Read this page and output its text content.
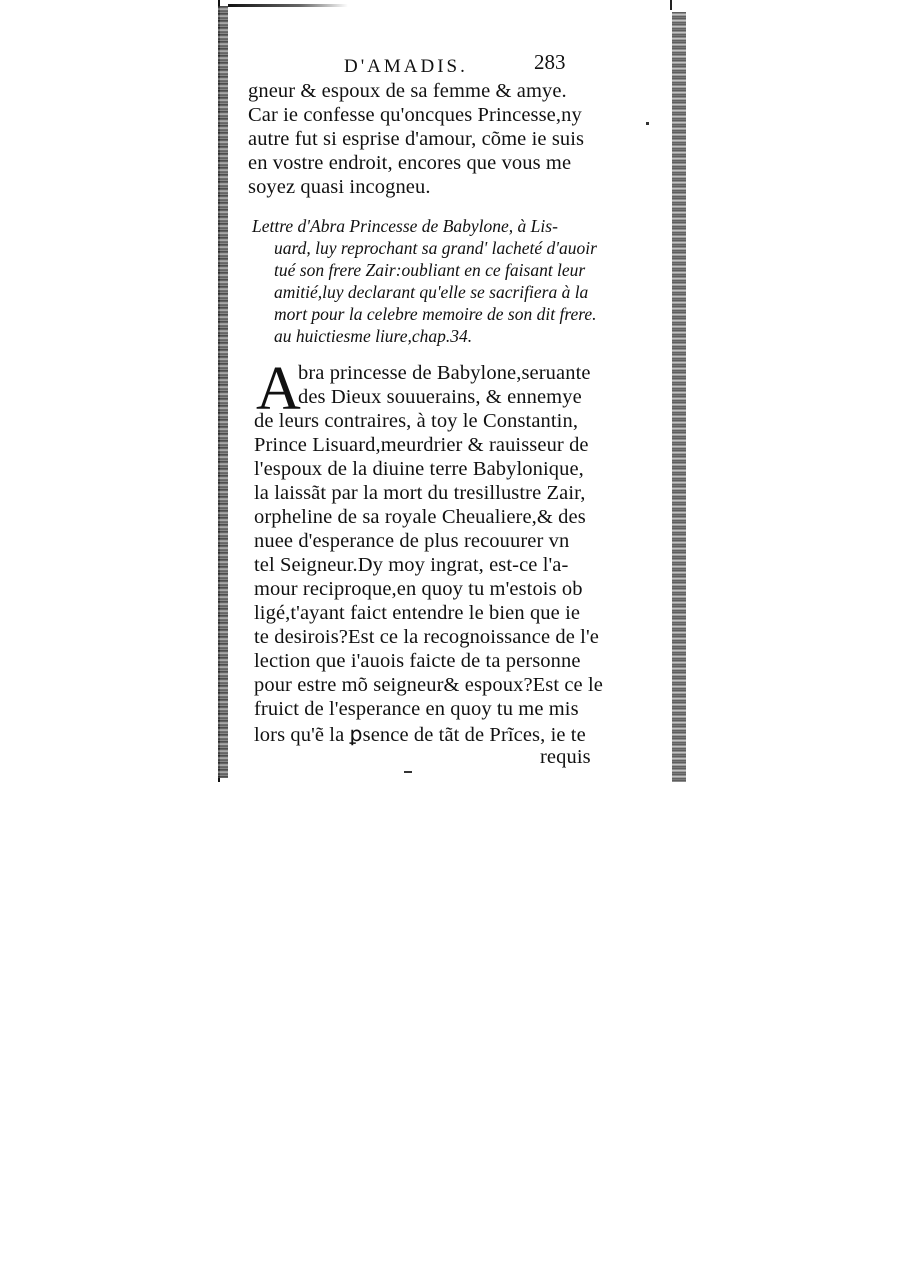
D'AMADIS.	283
gneur & espoux de sa femme & amye.
Car ie confesse qu'oncques Princesse,ny
autre fut si esprise d'amour, cõme ie suis
en vostre endroit, encores que vous me
soyez quasi incogneu.
Lettre d'Abra Princesse de Babylone, à Lis-
uard, luy reprochant sa grand' lacheté d'auoir
tué son frere Zair:oubliant en ce faisant leur
amitié,luy declarant qu'elle se sacrifiera à la
mort pour la celebre memoire de son dit frere.
au huictiesme liure,chap.34.
A
bra princesse de Babylone,seruante
des Dieux souuerains, & ennemye
de leurs contraires, à toy le Constantin,
Prince Lisuard,meurdrier & rauisseur de
l'espoux de la diuine terre Babylonique,
la laissãt par la mort du tresillustre Zair,
orpheline de sa royale Cheualiere,& des
nuee d'esperance de plus recouurer vn
tel Seigneur.Dy moy ingrat, est-ce l'a-
mour reciproque,en quoy tu m'estois ob
ligé,t'ayant faict entendre le bien que ie
te desirois?Est ce la recognoissance de l'e
lection que i'auois faicte de ta personne
pour estre mõ seigneur& espoux?Est ce le
fruict de l'esperance en quoy tu me mis
lors qu'ẽ la ꝑsence de tãt de Prĩces, ie te
requis
